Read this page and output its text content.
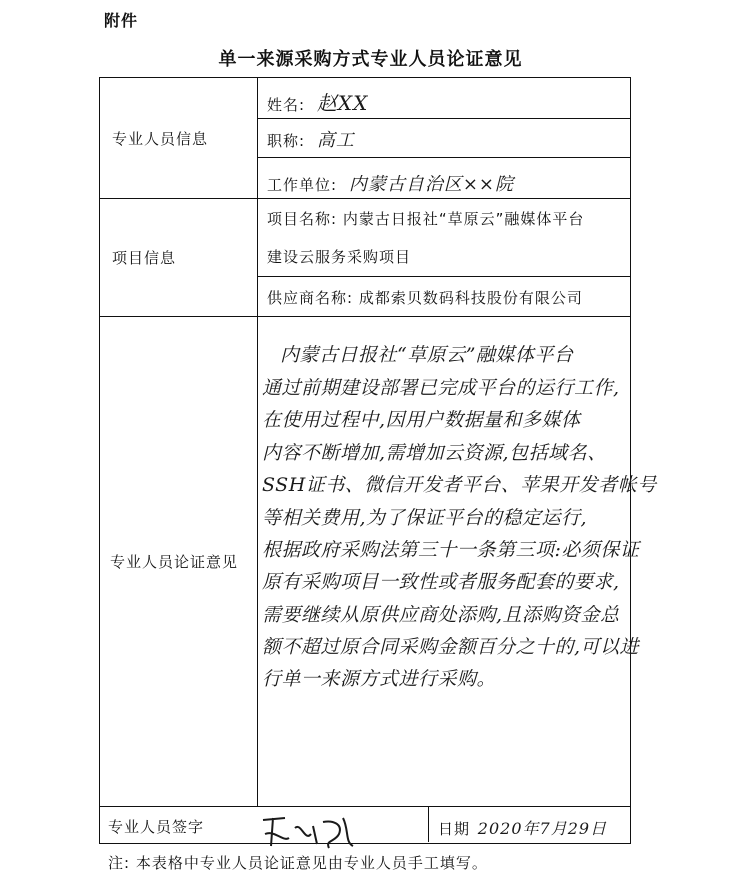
附件
单一来源采购方式专业人员论证意见
专业人员信息
姓名: 赵XX
职称: 高工
工作单位: 内蒙古自治区××院
项目信息
项目名称: 内蒙古日报社“草原云”融媒体平台
建设云服务采购项目
供应商名称: 成都索贝数码科技股份有限公司
专业人员论证意见
内蒙古日报社“草原云”融媒体平台
通过前期建设部署已完成平台的运行工作,
在使用过程中,因用户数据量和多媒体
内容不断增加,需增加云资源,包括域名、
SSH证书、微信开发者平台、苹果开发者帐号
等相关费用,为了保证平台的稳定运行,
根据政府采购法第三十一条第三项:必须保证
原有采购项目一致性或者服务配套的要求,
需要继续从原供应商处添购,且添购资金总
额不超过原合同采购金额百分之十的,可以进
行单一来源方式进行采购。
专业人员签字	日期 2020年7月29日
注: 本表格中专业人员论证意见由专业人员手工填写。
